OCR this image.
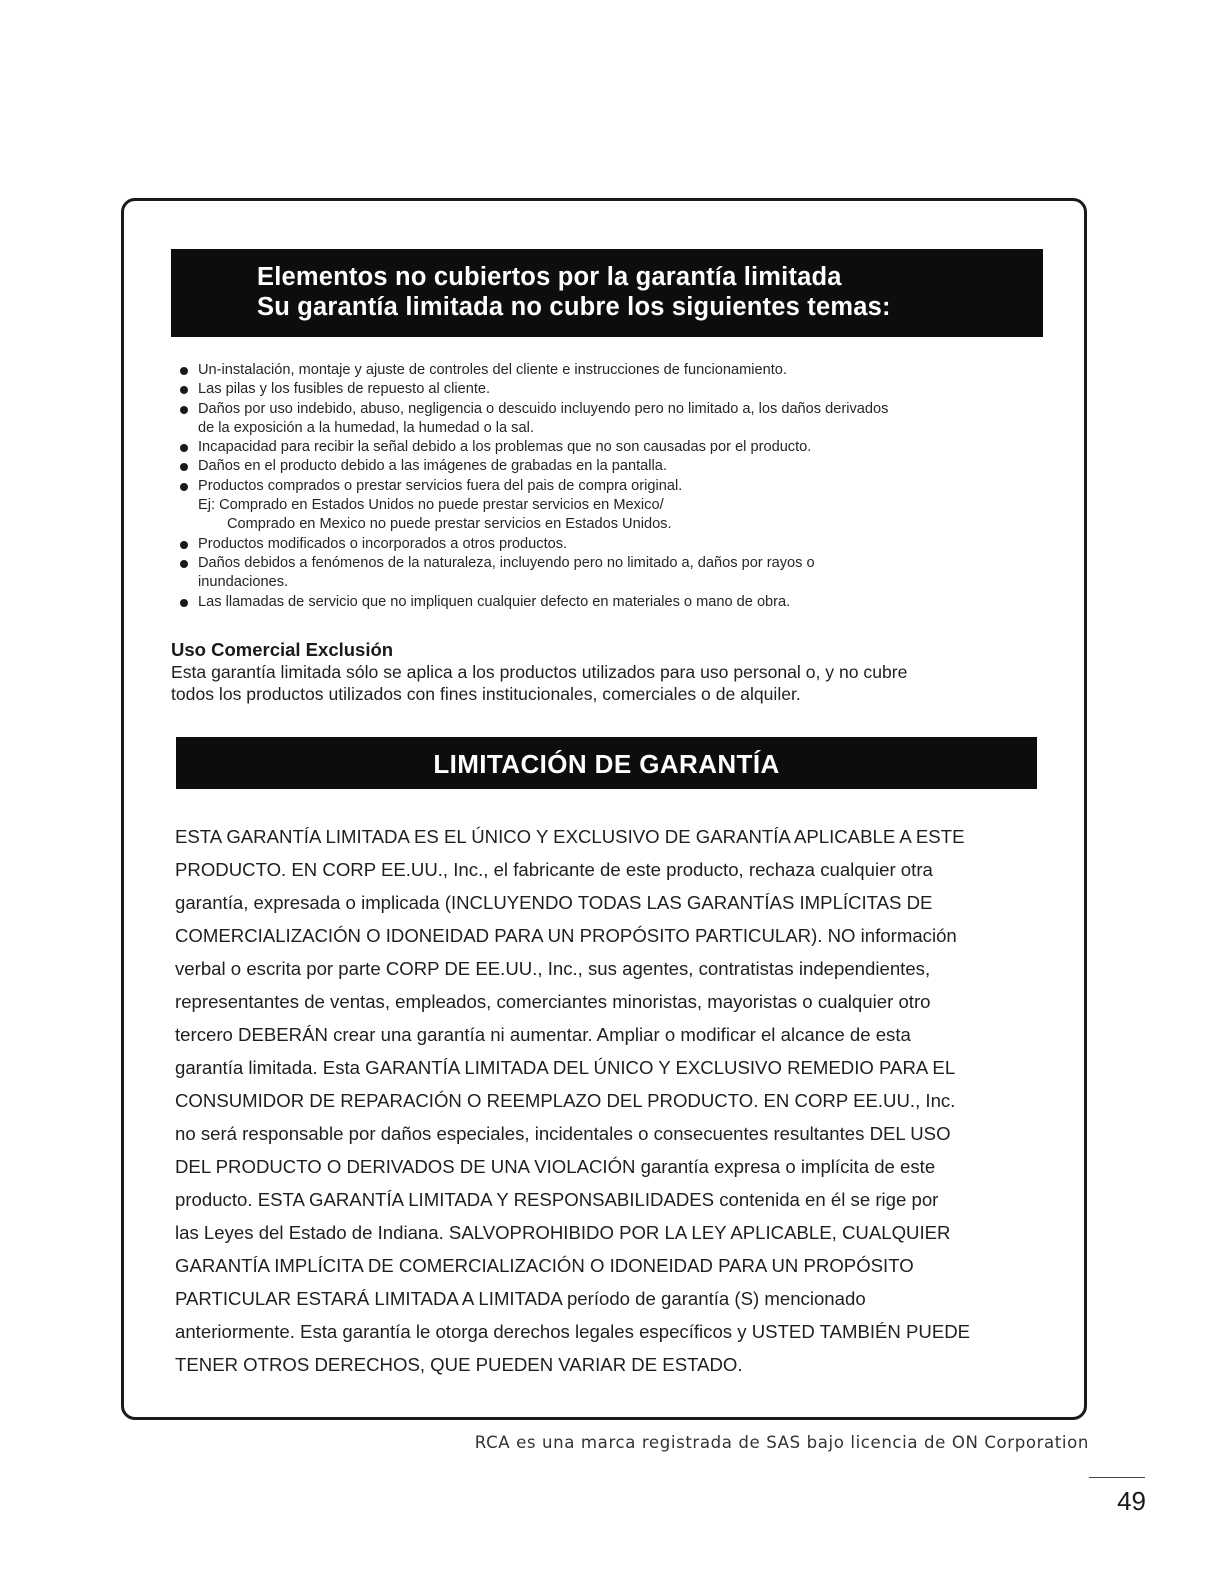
Elementos no cubiertos por la garantía limitada
Su garantía limitada no cubre los siguientes temas:
Un-instalación, montaje y ajuste de controles del cliente e instrucciones de funcionamiento.
Las pilas y los fusibles de repuesto al cliente.
Daños por uso indebido, abuso, negligencia o descuido incluyendo pero no limitado a, los daños derivados
de la exposición a la humedad, la humedad o la sal.
Incapacidad para recibir la señal debido a los problemas que no son causadas por el producto.
Daños en el producto debido a las imágenes de grabadas en la pantalla.
Productos comprados o prestar servicios fuera del pais de compra original.
Ej: Comprado en Estados Unidos no puede prestar servicios en Mexico/
Comprado en Mexico no puede prestar servicios en Estados Unidos.
Productos modificados o incorporados a otros productos.
Daños debidos a fenómenos de la naturaleza, incluyendo pero no limitado a, daños por rayos o
inundaciones.
Las llamadas de servicio que no impliquen cualquier defecto en materiales o mano de obra.
Uso Comercial Exclusión
Esta garantía limitada sólo se aplica a los productos utilizados para uso personal o, y no cubre
todos los productos utilizados con fines institucionales, comerciales o de alquiler.
LIMITACIÓN DE GARANTÍA

ESTA GARANTÍA LIMITADA ES EL ÚNICO Y EXCLUSIVO DE GARANTÍA APLICABLE A ESTE
PRODUCTO. EN CORP EE.UU., Inc., el fabricante de este producto, rechaza cualquier otra
garantía, expresada o implicada (INCLUYENDO TODAS LAS GARANTÍAS IMPLÍCITAS DE
COMERCIALIZACIÓN O IDONEIDAD PARA UN PROPÓSITO PARTICULAR). NO información
verbal o escrita por parte CORP DE EE.UU., Inc., sus agentes, contratistas independientes,
representantes de ventas, empleados, comerciantes minoristas, mayoristas o cualquier otro
tercero DEBERÁN crear una garantía ni aumentar. Ampliar o modificar el alcance de esta
garantía limitada. Esta GARANTÍA LIMITADA DEL ÚNICO Y EXCLUSIVO REMEDIO PARA EL
CONSUMIDOR DE REPARACIÓN O REEMPLAZO DEL PRODUCTO. EN CORP EE.UU., Inc.
no será responsable por daños especiales, incidentales o consecuentes resultantes DEL USO
DEL PRODUCTO O DERIVADOS DE UNA VIOLACIÓN garantía expresa o implícita de este
producto. ESTA GARANTÍA LIMITADA Y RESPONSABILIDADES contenida en él se rige por
las Leyes del Estado de Indiana. SALVOPROHIBIDO POR LA LEY APLICABLE, CUALQUIER
GARANTÍA IMPLÍCITA DE COMERCIALIZACIÓN O IDONEIDAD PARA UN PROPÓSITO
PARTICULAR ESTARÁ LIMITADA A LIMITADA período de garantía (S) mencionado
anteriormente. Esta garantía le otorga derechos legales específicos y USTED TAMBIÉN PUEDE
TENER OTROS DERECHOS, QUE PUEDEN VARIAR DE ESTADO.

RCA es una marca registrada de SAS bajo licencia de ON Corporation
49
